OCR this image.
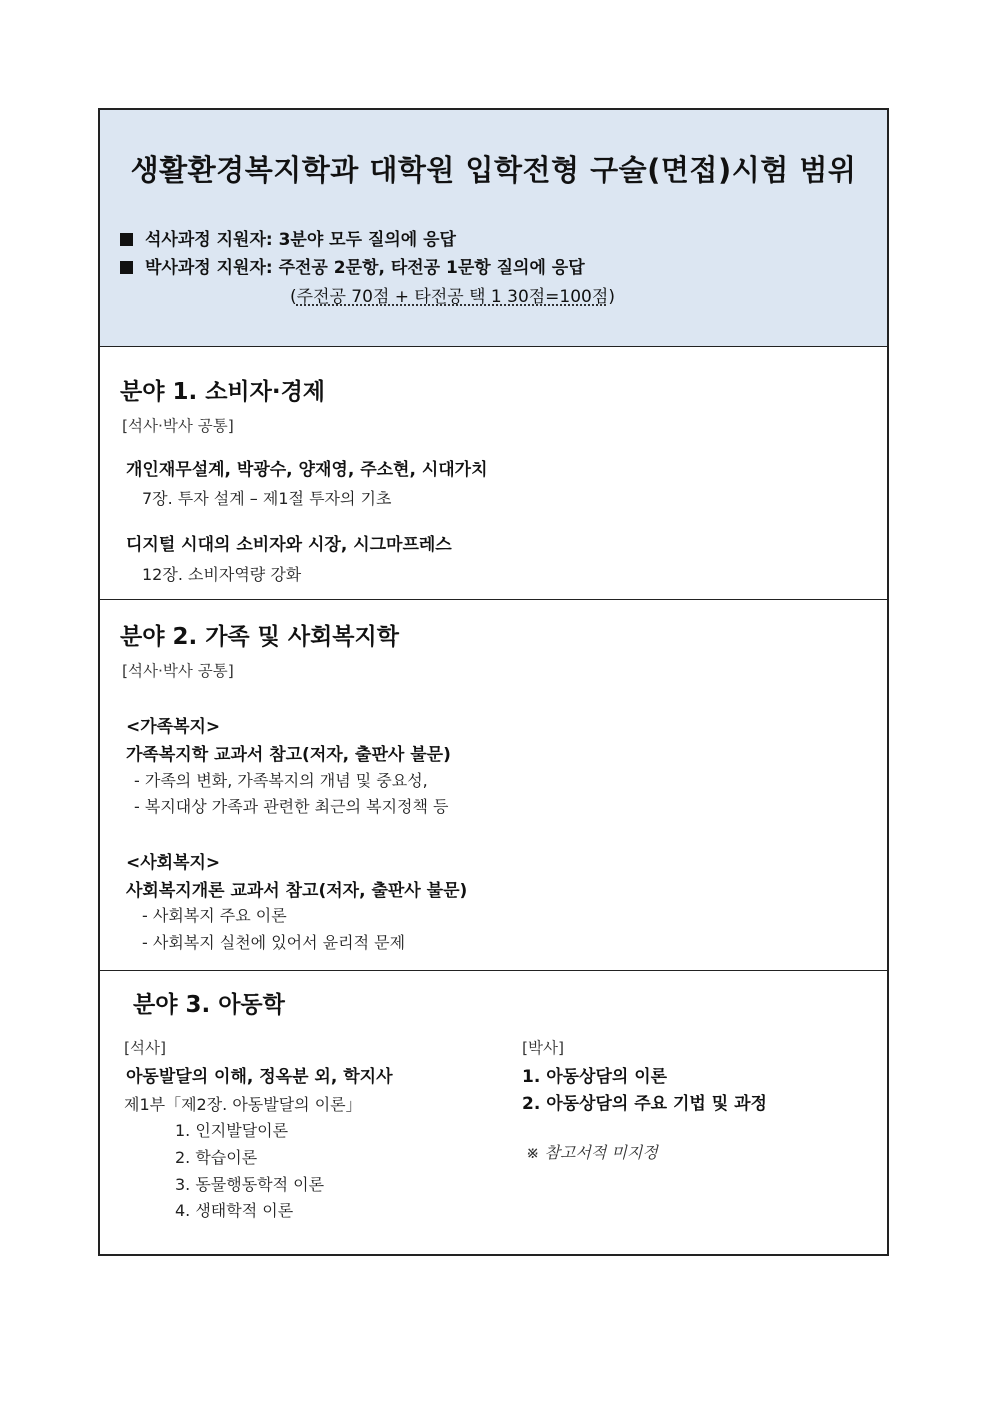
생활환경복지학과 대학원 입학전형 구술(면접)시험 범위
석사과정 지원자: 3분야 모두 질의에 응답
박사과정 지원자: 주전공 2문항, 타전공 1문항 질의에 응답
(주전공 70점 + 타전공 택 1 30점=100점)
분야 1. 소비자·경제
[석사·박사 공통]
개인재무설계, 박광수, 양재영, 주소현, 시대가치
7장. 투자 설계 – 제1절 투자의 기초
디지털 시대의 소비자와 시장, 시그마프레스
12장. 소비자역량 강화
분야 2. 가족 및 사회복지학
[석사·박사 공통]
<가족복지>
가족복지학 교과서 참고(저자, 출판사 불문)
- 가족의 변화, 가족복지의 개념 및 중요성,
- 복지대상 가족과 관련한 최근의 복지정책 등
<사회복지>
사회복지개론 교과서 참고(저자, 출판사 불문)
- 사회복지 주요 이론
- 사회복지 실천에 있어서 윤리적 문제
분야 3. 아동학
[석사]
아동발달의 이해, 정옥분 외, 학지사
제1부「제2장. 아동발달의 이론」
1. 인지발달이론
2. 학습이론
3. 동물행동학적 이론
4. 생태학적 이론
[박사]
1. 아동상담의 이론
2. 아동상담의 주요 기법 및 과정
※ 참고서적 미지정
